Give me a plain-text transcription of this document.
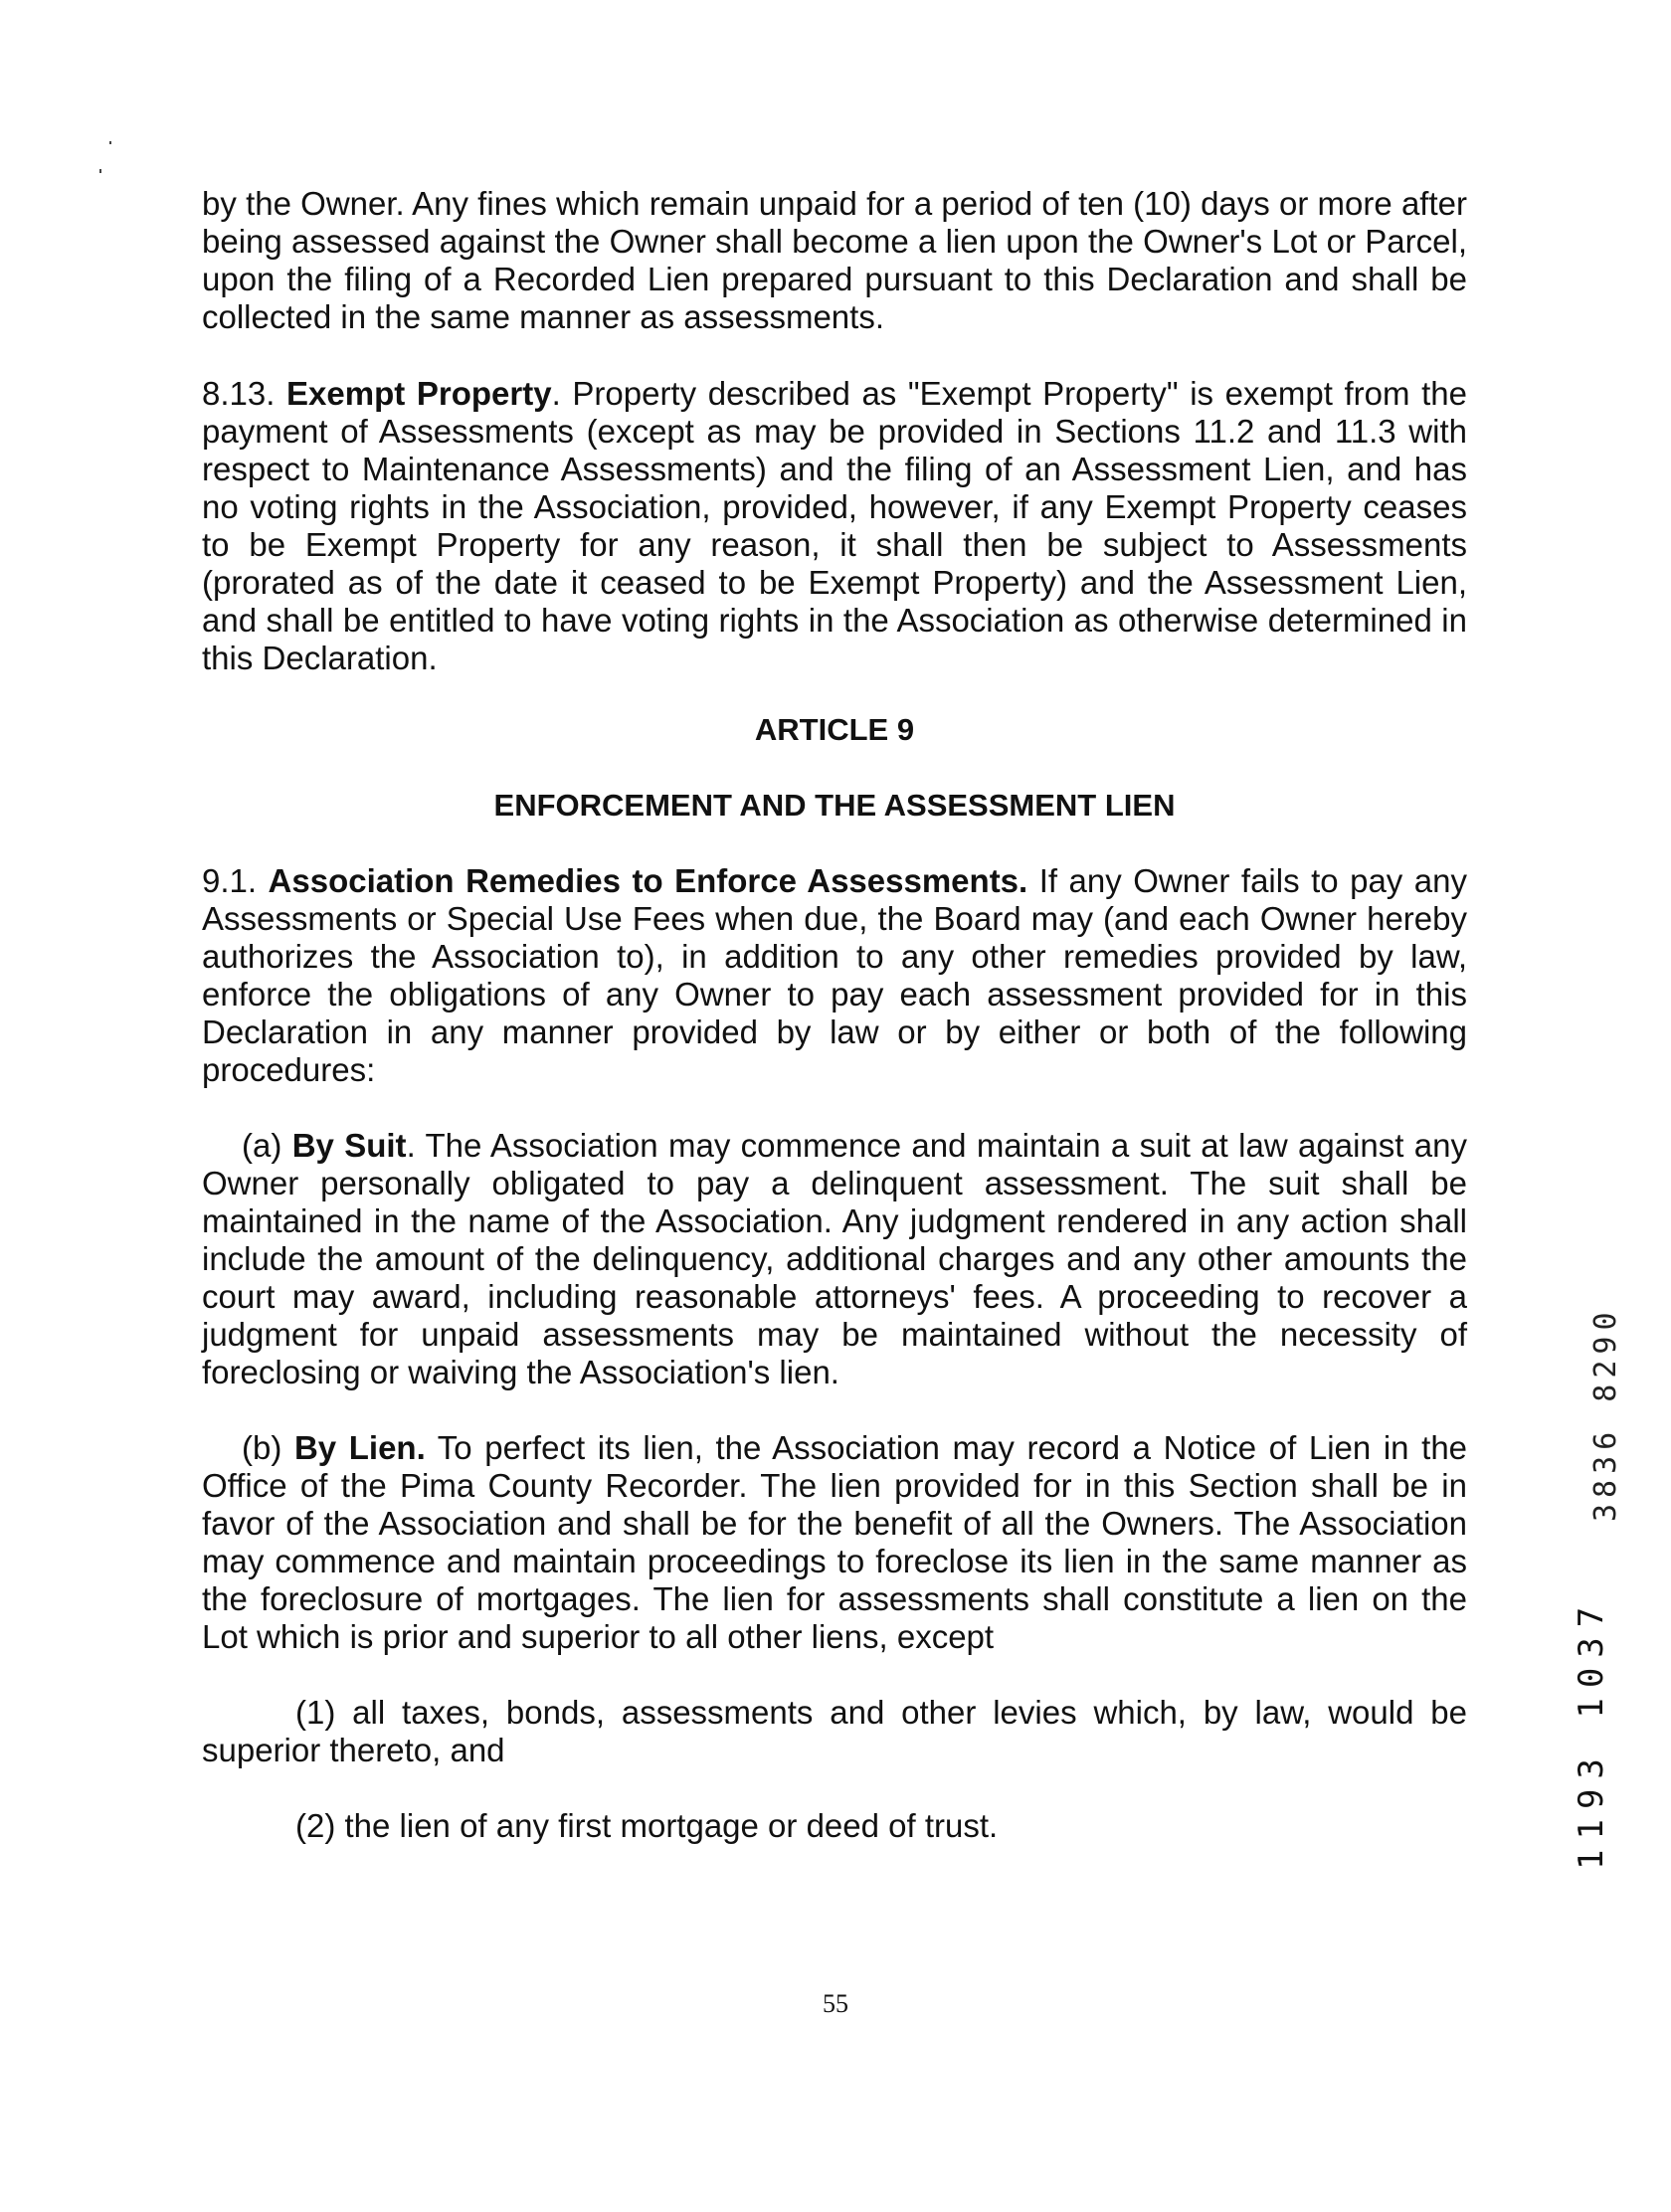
by the Owner. Any fines which remain unpaid for a period of ten (10) days or more after being assessed against the Owner shall become a lien upon the Owner's Lot or Parcel, upon the filing of a Recorded Lien prepared pursuant to this Declaration and shall be collected in the same manner as assessments.
8.13. Exempt Property. Property described as "Exempt Property" is exempt from the payment of Assessments (except as may be provided in Sections 11.2 and 11.3 with respect to Maintenance Assessments) and the filing of an Assessment Lien, and has no voting rights in the Association, provided, however, if any Exempt Property ceases to be Exempt Property for any reason, it shall then be subject to Assessments (prorated as of the date it ceased to be Exempt Property) and the Assessment Lien, and shall be entitled to have voting rights in the Association as otherwise determined in this Declaration.
ARTICLE 9
ENFORCEMENT AND THE ASSESSMENT LIEN
9.1. Association Remedies to Enforce Assessments. If any Owner fails to pay any Assessments or Special Use Fees when due, the Board may (and each Owner hereby authorizes the Association to), in addition to any other remedies provided by law, enforce the obligations of any Owner to pay each assessment provided for in this Declaration in any manner provided by law or by either or both of the following procedures:
(a) By Suit. The Association may commence and maintain a suit at law against any Owner personally obligated to pay a delinquent assessment. The suit shall be maintained in the name of the Association. Any judgment rendered in any action shall include the amount of the delinquency, additional charges and any other amounts the court may award, including reasonable attorneys' fees. A proceeding to recover a judgment for unpaid assessments may be maintained without the necessity of foreclosing or waiving the Association's lien.
(b) By Lien. To perfect its lien, the Association may record a Notice of Lien in the Office of the Pima County Recorder. The lien provided for in this Section shall be in favor of the Association and shall be for the benefit of all the Owners. The Association may commence and maintain proceedings to foreclose its lien in the same manner as the foreclosure of mortgages. The lien for assessments shall constitute a lien on the Lot which is prior and superior to all other liens, except
(1) all taxes, bonds, assessments and other levies which, by law, would be superior thereto, and
(2) the lien of any first mortgage or deed of trust.
3836 8290
1193 1037
55
